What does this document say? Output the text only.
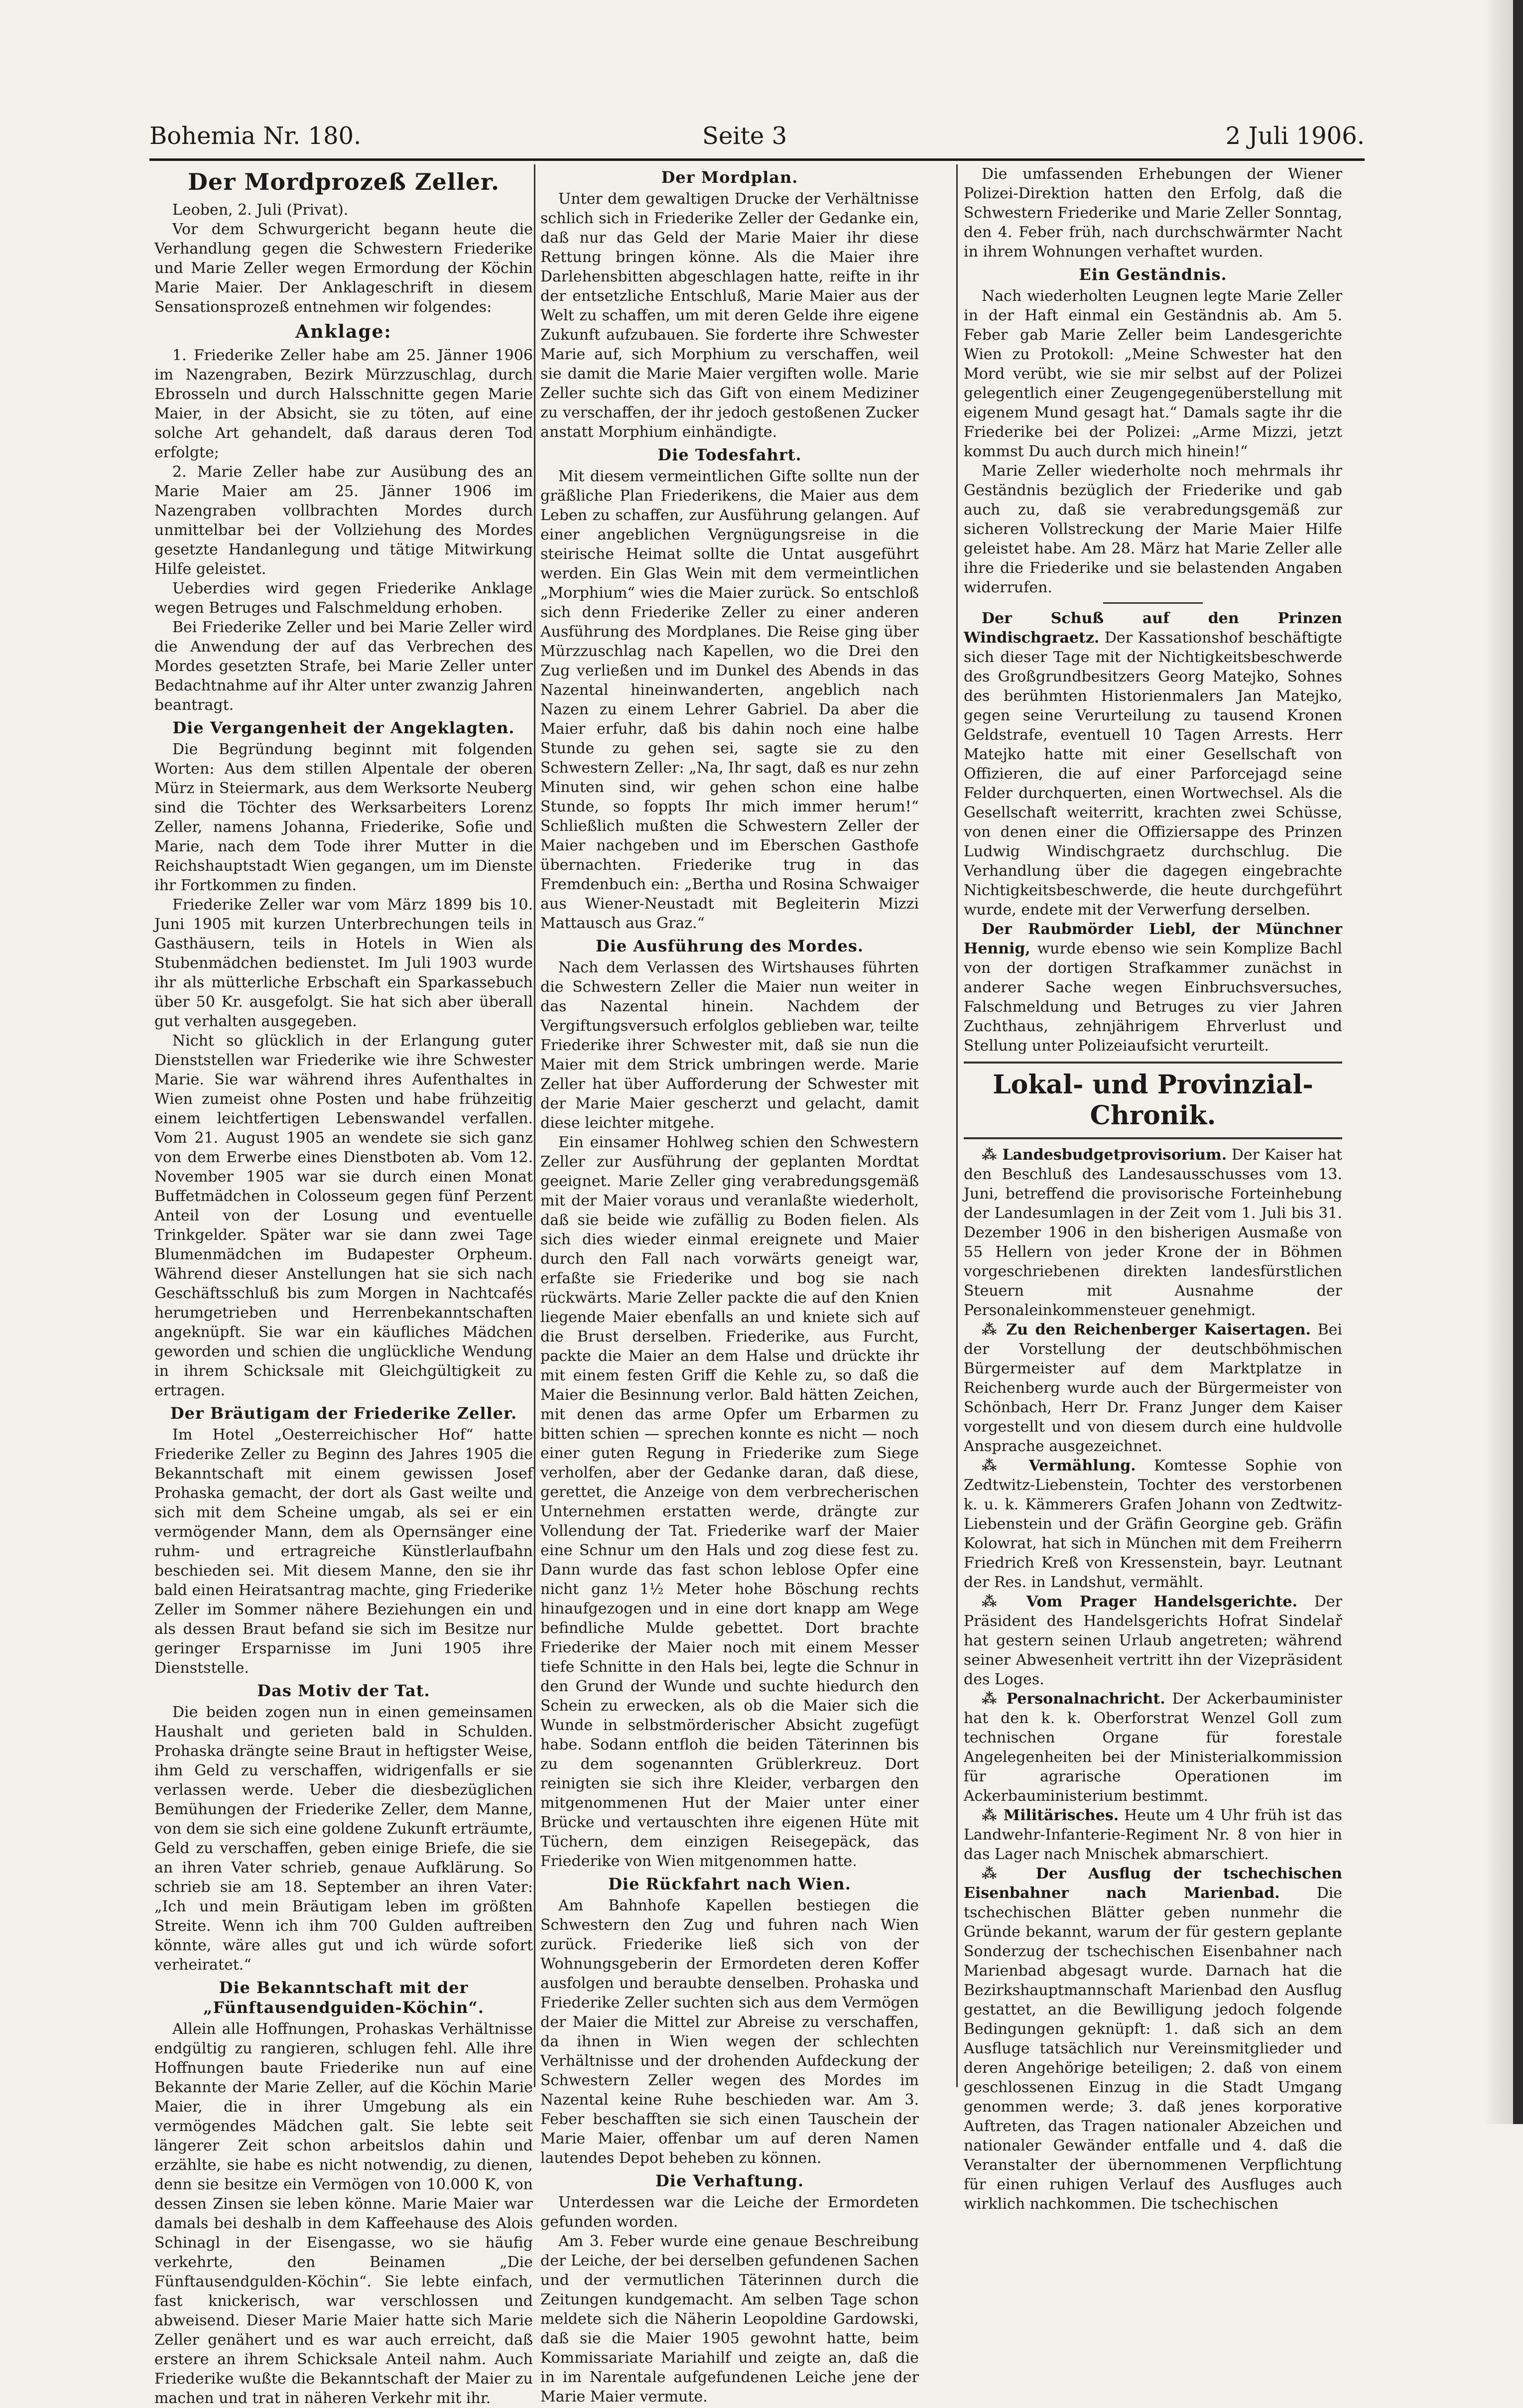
Bohemia Nr. 180.	Seite 3	2 Juli 1906.
Der Mordprozeß Zeller.

Leoben, 2. Juli (Privat).

Vor dem Schwurgericht begann heute die Verhandlung gegen die Schwestern Friederike und Marie Zeller wegen Ermordung der Köchin Marie Maier. Der Anklageschrift in diesem Sensationsprozeß entnehmen wir folgendes:

Anklage:

1. Friederike Zeller habe am 25. Jänner 1906 im Nazengraben, Bezirk Mürzzuschlag, durch Ebrosseln und durch Halsschnitte gegen Marie Maier, in der Absicht, sie zu töten, auf eine solche Art gehandelt, daß daraus deren Tod erfolgte;

2. Marie Zeller habe zur Ausübung des an Marie Maier am 25. Jänner 1906 im Nazengraben vollbrachten Mordes durch unmittelbar bei der Vollziehung des Mordes gesetzte Handanlegung und tätige Mitwirkung Hilfe geleistet.

Ueberdies wird gegen Friederike Anklage wegen Betruges und Falschmeldung erhoben.

Bei Friederike Zeller und bei Marie Zeller wird die Anwendung der auf das Verbrechen des Mordes gesetzten Strafe, bei Marie Zeller unter Bedachtnahme auf ihr Alter unter zwanzig Jahren beantragt.

Die Vergangenheit der Angeklagten.

Die Begründung beginnt mit folgenden Worten: Aus dem stillen Alpentale der oberen Mürz in Steiermark, aus dem Werksorte Neuberg sind die Töchter des Werksarbeiters Lorenz Zeller, namens Johanna, Friederike, Sofie und Marie, nach dem Tode ihrer Mutter in die Reichshauptstadt Wien gegangen, um im Dienste ihr Fortkommen zu finden.

Friederike Zeller war vom März 1899 bis 10. Juni 1905 mit kurzen Unterbrechungen teils in Gasthäusern, teils in Hotels in Wien als Stubenmädchen bedienstet. Im Juli 1903 wurde ihr als mütterliche Erbschaft ein Sparkassebuch über 50 Kr. ausgefolgt. Sie hat sich aber überall gut verhalten ausgegeben.

Nicht so glücklich in der Erlangung guter Dienststellen war Friederike wie ihre Schwester Marie. Sie war während ihres Aufenthaltes in Wien zumeist ohne Posten und habe frühzeitig einem leichtfertigen Lebenswandel verfallen. Vom 21. August 1905 an wendete sie sich ganz von dem Erwerbe eines Dienstboten ab. Vom 12. November 1905 war sie durch einen Monat Buffetmädchen in Colosseum gegen fünf Perzent Anteil von der Losung und eventuelle Trinkgelder. Später war sie dann zwei Tage Blumenmädchen im Budapester Orpheum. Während dieser Anstellungen hat sie sich nach Geschäftsschluß bis zum Morgen in Nachtcafés herumgetrieben und Herrenbekanntschaften angeknüpft. Sie war ein käufliches Mädchen geworden und schien die unglückliche Wendung in ihrem Schicksale mit Gleichgültigkeit zu ertragen.

Der Bräutigam der Friederike Zeller.

Im Hotel „Oesterreichischer Hof“ hatte Friederike Zeller zu Beginn des Jahres 1905 die Bekanntschaft mit einem gewissen Josef Prohaska gemacht, der dort als Gast weilte und sich mit dem Scheine umgab, als sei er ein vermögender Mann, dem als Opernsänger eine ruhm- und ertragreiche Künstlerlaufbahn beschieden sei. Mit diesem Manne, den sie ihr bald einen Heiratsantrag machte, ging Friederike Zeller im Sommer nähere Beziehungen ein und als dessen Braut befand sie sich im Besitze nur geringer Ersparnisse im Juni 1905 ihre Dienststelle.

Das Motiv der Tat.

Die beiden zogen nun in einen gemeinsamen Haushalt und gerieten bald in Schulden. Prohaska drängte seine Braut in heftigster Weise, ihm Geld zu verschaffen, widrigenfalls er sie verlassen werde. Ueber die diesbezüglichen Bemühungen der Friederike Zeller, dem Manne, von dem sie sich eine goldene Zukunft erträumte, Geld zu verschaffen, geben einige Briefe, die sie an ihren Vater schrieb, genaue Aufklärung. So schrieb sie am 18. September an ihren Vater: „Ich und mein Bräutigam leben im größten Streite. Wenn ich ihm 700 Gulden auftreiben könnte, wäre alles gut und ich würde sofort verheiratet.“

Die Bekanntschaft mit der „Fünftausendguiden-Köchin“.

Allein alle Hoffnungen, Prohaskas Verhältnisse endgültig zu rangieren, schlugen fehl. Alle ihre Hoffnungen baute Friederike nun auf eine Bekannte der Marie Zeller, auf die Köchin Marie Maier, die in ihrer Umgebung als ein vermögendes Mädchen galt. Sie lebte seit längerer Zeit schon arbeitslos dahin und erzählte, sie habe es nicht notwendig, zu dienen, denn sie besitze ein Vermögen von 10.000 K, von dessen Zinsen sie leben könne. Marie Maier war damals bei deshalb in dem Kaffeehause des Alois Schinagl in der Eisengasse, wo sie häufig verkehrte, den Beinamen „Die Fünftausendgulden-Köchin“. Sie lebte einfach, fast knickerisch, war verschlossen und abweisend. Dieser Marie Maier hatte sich Marie Zeller genähert und es war auch erreicht, daß erstere an ihrem Schicksale Anteil nahm. Auch Friederike wußte die Bekanntschaft der Maier zu machen und trat in näheren Verkehr mit ihr.

Der Mordplan.

Unter dem gewaltigen Drucke der Verhältnisse schlich sich in Friederike Zeller der Gedanke ein, daß nur das Geld der Marie Maier ihr diese Rettung bringen könne. Als die Maier ihre Darlehensbitten abgeschlagen hatte, reifte in ihr der entsetzliche Entschluß, Marie Maier aus der Welt zu schaffen, um mit deren Gelde ihre eigene Zukunft aufzubauen. Sie forderte ihre Schwester Marie auf, sich Morphium zu verschaffen, weil sie damit die Marie Maier vergiften wolle. Marie Zeller suchte sich das Gift von einem Mediziner zu verschaffen, der ihr jedoch gestoßenen Zucker anstatt Morphium einhändigte.

Die Todesfahrt.

Mit diesem vermeintlichen Gifte sollte nun der gräßliche Plan Friederikens, die Maier aus dem Leben zu schaffen, zur Ausführung gelangen. Auf einer angeblichen Vergnügungsreise in die steirische Heimat sollte die Untat ausgeführt werden. Ein Glas Wein mit dem vermeintlichen „Morphium“ wies die Maier zurück. So entschloß sich denn Friederike Zeller zu einer anderen Ausführung des Mordplanes. Die Reise ging über Mürzzuschlag nach Kapellen, wo die Drei den Zug verließen und im Dunkel des Abends in das Nazental hineinwanderten, angeblich nach Nazen zu einem Lehrer Gabriel. Da aber die Maier erfuhr, daß bis dahin noch eine halbe Stunde zu gehen sei, sagte sie zu den Schwestern Zeller: „Na, Ihr sagt, daß es nur zehn Minuten sind, wir gehen schon eine halbe Stunde, so foppts Ihr mich immer herum!“ Schließlich mußten die Schwestern Zeller der Maier nachgeben und im Eberschen Gasthofe übernachten. Friederike trug in das Fremdenbuch ein: „Bertha und Rosina Schwaiger aus Wiener-Neustadt mit Begleiterin Mizzi Mattausch aus Graz.“

Die Ausführung des Mordes.

Nach dem Verlassen des Wirtshauses führten die Schwestern Zeller die Maier nun weiter in das Nazental hinein. Nachdem der Vergiftungsversuch erfolglos geblieben war, teilte Friederike ihrer Schwester mit, daß sie nun die Maier mit dem Strick umbringen werde. Marie Zeller hat über Aufforderung der Schwester mit der Marie Maier gescherzt und gelacht, damit diese leichter mitgehe.

Ein einsamer Hohlweg schien den Schwestern Zeller zur Ausführung der geplanten Mordtat geeignet. Marie Zeller ging verabredungsgemäß mit der Maier voraus und veranlaßte wiederholt, daß sie beide wie zufällig zu Boden fielen. Als sich dies wieder einmal ereignete und Maier durch den Fall nach vorwärts geneigt war, erfaßte sie Friederike und bog sie nach rückwärts. Marie Zeller packte die auf den Knien liegende Maier ebenfalls an und kniete sich auf die Brust derselben. Friederike, aus Furcht, packte die Maier an dem Halse und drückte ihr mit einem festen Griff die Kehle zu, so daß die Maier die Besinnung verlor. Bald hätten Zeichen, mit denen das arme Opfer um Erbarmen zu bitten schien — sprechen konnte es nicht — noch einer guten Regung in Friederike zum Siege verholfen, aber der Gedanke daran, daß diese, gerettet, die Anzeige von dem verbrecherischen Unternehmen erstatten werde, drängte zur Vollendung der Tat. Friederike warf der Maier eine Schnur um den Hals und zog diese fest zu. Dann wurde das fast schon leblose Opfer eine nicht ganz 1½ Meter hohe Böschung rechts hinaufgezogen und in eine dort knapp am Wege befindliche Mulde gebettet. Dort brachte Friederike der Maier noch mit einem Messer tiefe Schnitte in den Hals bei, legte die Schnur in den Grund der Wunde und suchte hiedurch den Schein zu erwecken, als ob die Maier sich die Wunde in selbstmörderischer Absicht zugefügt habe. Sodann entfloh die beiden Täterinnen bis zu dem sogenannten Grüblerkreuz. Dort reinigten sie sich ihre Kleider, verbargen den mitgenommenen Hut der Maier unter einer Brücke und vertauschten ihre eigenen Hüte mit Tüchern, dem einzigen Reisegepäck, das Friederike von Wien mitgenommen hatte.

Die Rückfahrt nach Wien.

Am Bahnhofe Kapellen bestiegen die Schwestern den Zug und fuhren nach Wien zurück. Friederike ließ sich von der Wohnungsgeberin der Ermordeten deren Koffer ausfolgen und beraubte denselben. Prohaska und Friederike Zeller suchten sich aus dem Vermögen der Maier die Mittel zur Abreise zu verschaffen, da ihnen in Wien wegen der schlechten Verhältnisse und der drohenden Aufdeckung der Schwestern Zeller wegen des Mordes im Nazental keine Ruhe beschieden war. Am 3. Feber beschafften sie sich einen Tauschein der Marie Maier, offenbar um auf deren Namen lautendes Depot beheben zu können.

Die Verhaftung.

Unterdessen war die Leiche der Ermordeten gefunden worden.

Am 3. Feber wurde eine genaue Beschreibung der Leiche, der bei derselben gefundenen Sachen und der vermutlichen Täterinnen durch die Zeitungen kundgemacht. Am selben Tage schon meldete sich die Näherin Leopoldine Gardowski, daß sie die Maier 1905 gewohnt hatte, beim Kommissariate Mariahilf und zeigte an, daß die in im Narentale aufgefundenen Leiche jene der Marie Maier vermute.

Die umfassenden Erhebungen der Wiener Polizei-Direktion hatten den Erfolg, daß die Schwestern Friederike und Marie Zeller Sonntag, den 4. Feber früh, nach durchschwärmter Nacht in ihrem Wohnungen verhaftet wurden.

Ein Geständnis.

Nach wiederholten Leugnen legte Marie Zeller in der Haft einmal ein Geständnis ab. Am 5. Feber gab Marie Zeller beim Landesgerichte Wien zu Protokoll: „Meine Schwester hat den Mord verübt, wie sie mir selbst auf der Polizei gelegentlich einer Zeugengegenüberstellung mit eigenem Mund gesagt hat.“ Damals sagte ihr die Friederike bei der Polizei: „Arme Mizzi, jetzt kommst Du auch durch mich hinein!“

Marie Zeller wiederholte noch mehrmals ihr Geständnis bezüglich der Friederike und gab auch zu, daß sie verabredungsgemäß zur sicheren Vollstreckung der Marie Maier Hilfe geleistet habe. Am 28. März hat Marie Zeller alle ihre die Friederike und sie belastenden Angaben widerrufen.

Der Schuß auf den Prinzen Windischgraetz. Der Kassationshof beschäftigte sich dieser Tage mit der Nichtigkeitsbeschwerde des Großgrundbesitzers Georg Matejko, Sohnes des berühmten Historienmalers Jan Matejko, gegen seine Verurteilung zu tausend Kronen Geldstrafe, eventuell 10 Tagen Arrests. Herr Matejko hatte mit einer Gesellschaft von Offizieren, die auf einer Parforcejagd seine Felder durchquerten, einen Wortwechsel. Als die Gesellschaft weiterritt, krachten zwei Schüsse, von denen einer die Offiziersappe des Prinzen Ludwig Windischgraetz durchschlug. Die Verhandlung über die dagegen eingebrachte Nichtigkeitsbeschwerde, die heute durchgeführt wurde, endete mit der Verwerfung derselben.

Der Raubmörder Liebl, der Münchner Hennig, wurde ebenso wie sein Komplize Bachl von der dortigen Strafkammer zunächst in anderer Sache wegen Einbruchsversuches, Falschmeldung und Betruges zu vier Jahren Zuchthaus, zehnjährigem Ehrverlust und Stellung unter Polizeiaufsicht verurteilt.

Lokal- und Provinzial-Chronik.

⁂ Landesbudgetprovisorium. Der Kaiser hat den Beschluß des Landesausschusses vom 13. Juni, betreffend die provisorische Forteinhebung der Landesumlagen in der Zeit vom 1. Juli bis 31. Dezember 1906 in den bisherigen Ausmaße von 55 Hellern von jeder Krone der in Böhmen vorgeschriebenen direkten landesfürstlichen Steuern mit Ausnahme der Personaleinkommensteuer genehmigt.

⁂ Zu den Reichenberger Kaisertagen. Bei der Vorstellung der deutschböhmischen Bürgermeister auf dem Marktplatze in Reichenberg wurde auch der Bürgermeister von Schönbach, Herr Dr. Franz Junger dem Kaiser vorgestellt und von diesem durch eine huldvolle Ansprache ausgezeichnet.

⁂ Vermählung. Komtesse Sophie von Zedtwitz-Liebenstein, Tochter des verstorbenen k. u. k. Kämmerers Grafen Johann von Zedtwitz-Liebenstein und der Gräfin Georgine geb. Gräfin Kolowrat, hat sich in München mit dem Freiherrn Friedrich Kreß von Kressenstein, bayr. Leutnant der Res. in Landshut, vermählt.

⁂ Vom Prager Handelsgerichte. Der Präsident des Handelsgerichts Hofrat Sindelař hat gestern seinen Urlaub angetreten; während seiner Abwesenheit vertritt ihn der Vizepräsident des Loges.

⁂ Personalnachricht. Der Ackerbauminister hat den k. k. Oberforstrat Wenzel Goll zum technischen Organe für forestale Angelegenheiten bei der Ministerialkommission für agrarische Operationen im Ackerbauministerium bestimmt.

⁂ Militärisches. Heute um 4 Uhr früh ist das Landwehr-Infanterie-Regiment Nr. 8 von hier in das Lager nach Mnischek abmarschiert.

⁂ Der Ausflug der tschechischen Eisenbahner nach Marienbad. Die tschechischen Blätter geben nunmehr die Gründe bekannt, warum der für gestern geplante Sonderzug der tschechischen Eisenbahner nach Marienbad abgesagt wurde. Darnach hat die Bezirkshauptmannschaft Marienbad den Ausflug gestattet, an die Bewilligung jedoch folgende Bedingungen geknüpft: 1. daß sich an dem Ausfluge tatsächlich nur Vereinsmitglieder und deren Angehörige beteiligen; 2. daß von einem geschlossenen Einzug in die Stadt Umgang genommen werde; 3. daß jenes korporative Auftreten, das Tragen nationaler Abzeichen und nationaler Gewänder entfalle und 4. daß die Veranstalter der übernommenen Verpflichtung für einen ruhigen Verlauf des Ausfluges auch wirklich nachkommen. Die tschechischen
